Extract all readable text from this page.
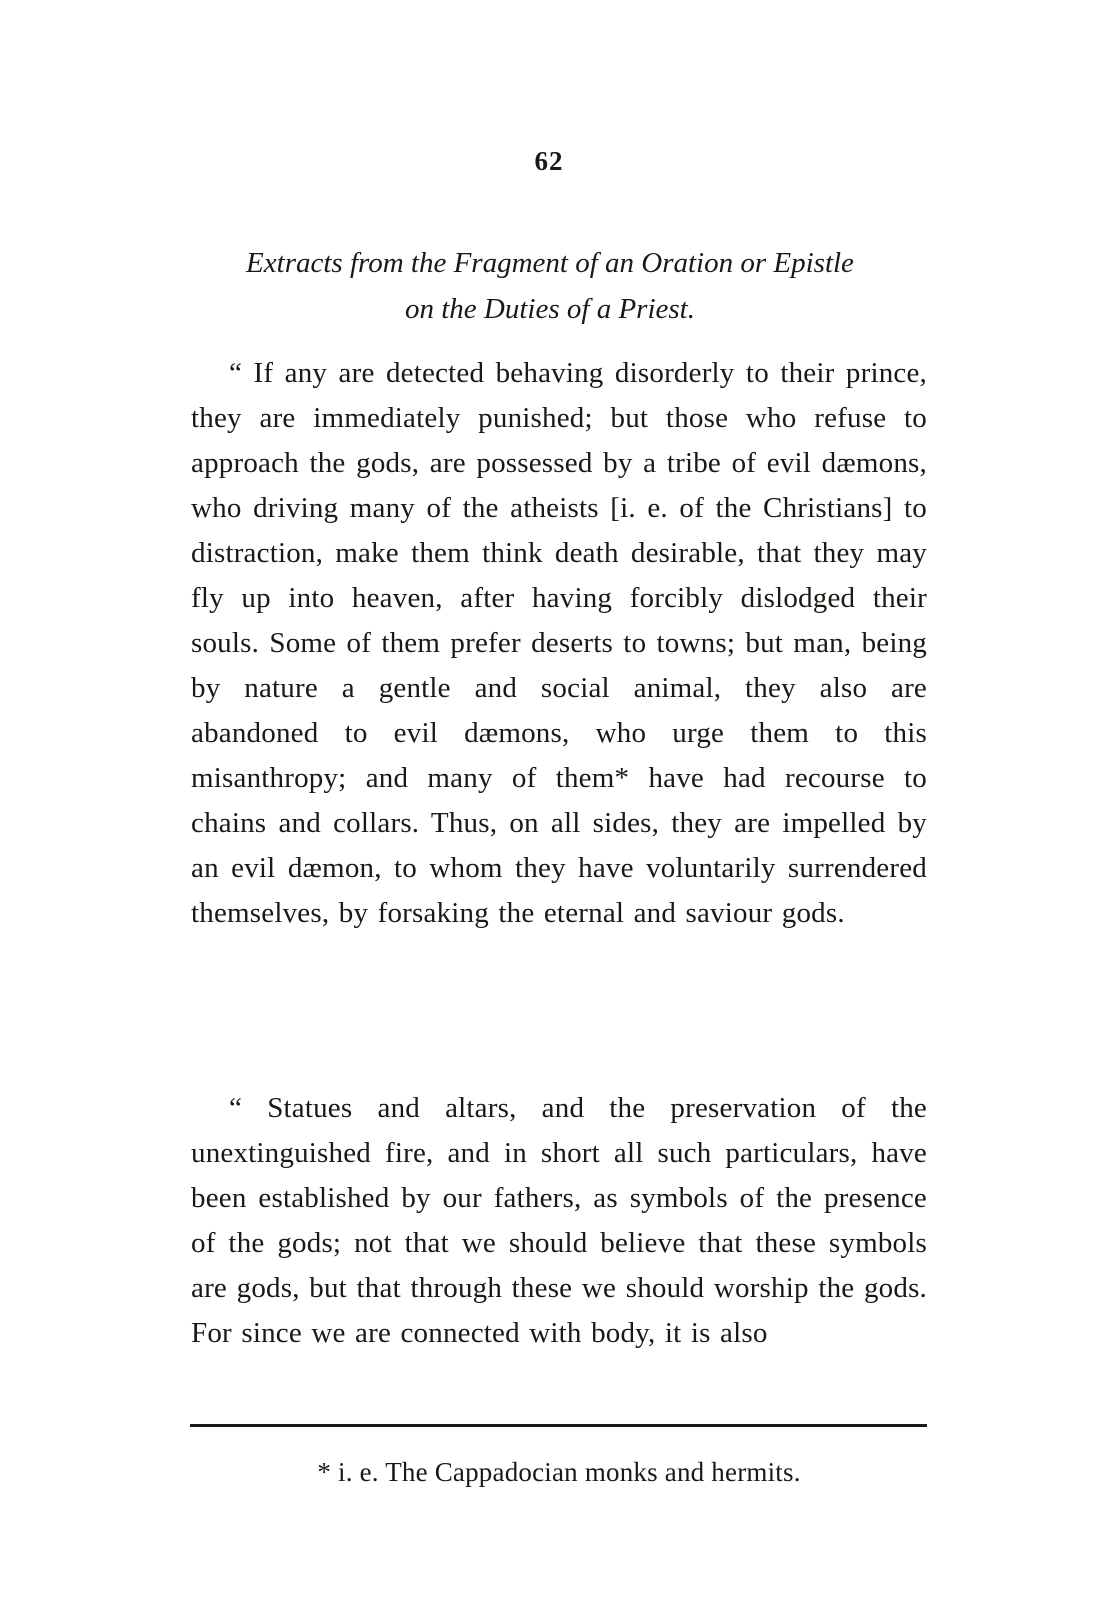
62
Extracts from the Fragment of an Oration or Epistle
on the Duties of a Priest.

“ If any are detected behaving disorderly to their prince, they are immediately punished; but those who refuse to approach the gods, are possessed by a tribe of evil dæmons, who driving many of the atheists [i. e. of the Christians] to distraction, make them think death desirable, that they may fly up into heaven, after having forcibly dislodged their souls. Some of them prefer deserts to towns; but man, being by nature a gentle and social animal, they also are abandoned to evil dæmons, who urge them to this misanthropy; and many of them* have had recourse to chains and collars. Thus, on all sides, they are impelled by an evil dæmon, to whom they have voluntarily surrendered themselves, by forsaking the eternal and saviour gods.

“ Statues and altars, and the preservation of the unextinguished fire, and in short all such particulars, have been established by our fathers, as symbols of the presence of the gods; not that we should believe that these symbols are gods, but that through these we should worship the gods. For since we are connected with body, it is also

* i. e. The Cappadocian monks and hermits.
